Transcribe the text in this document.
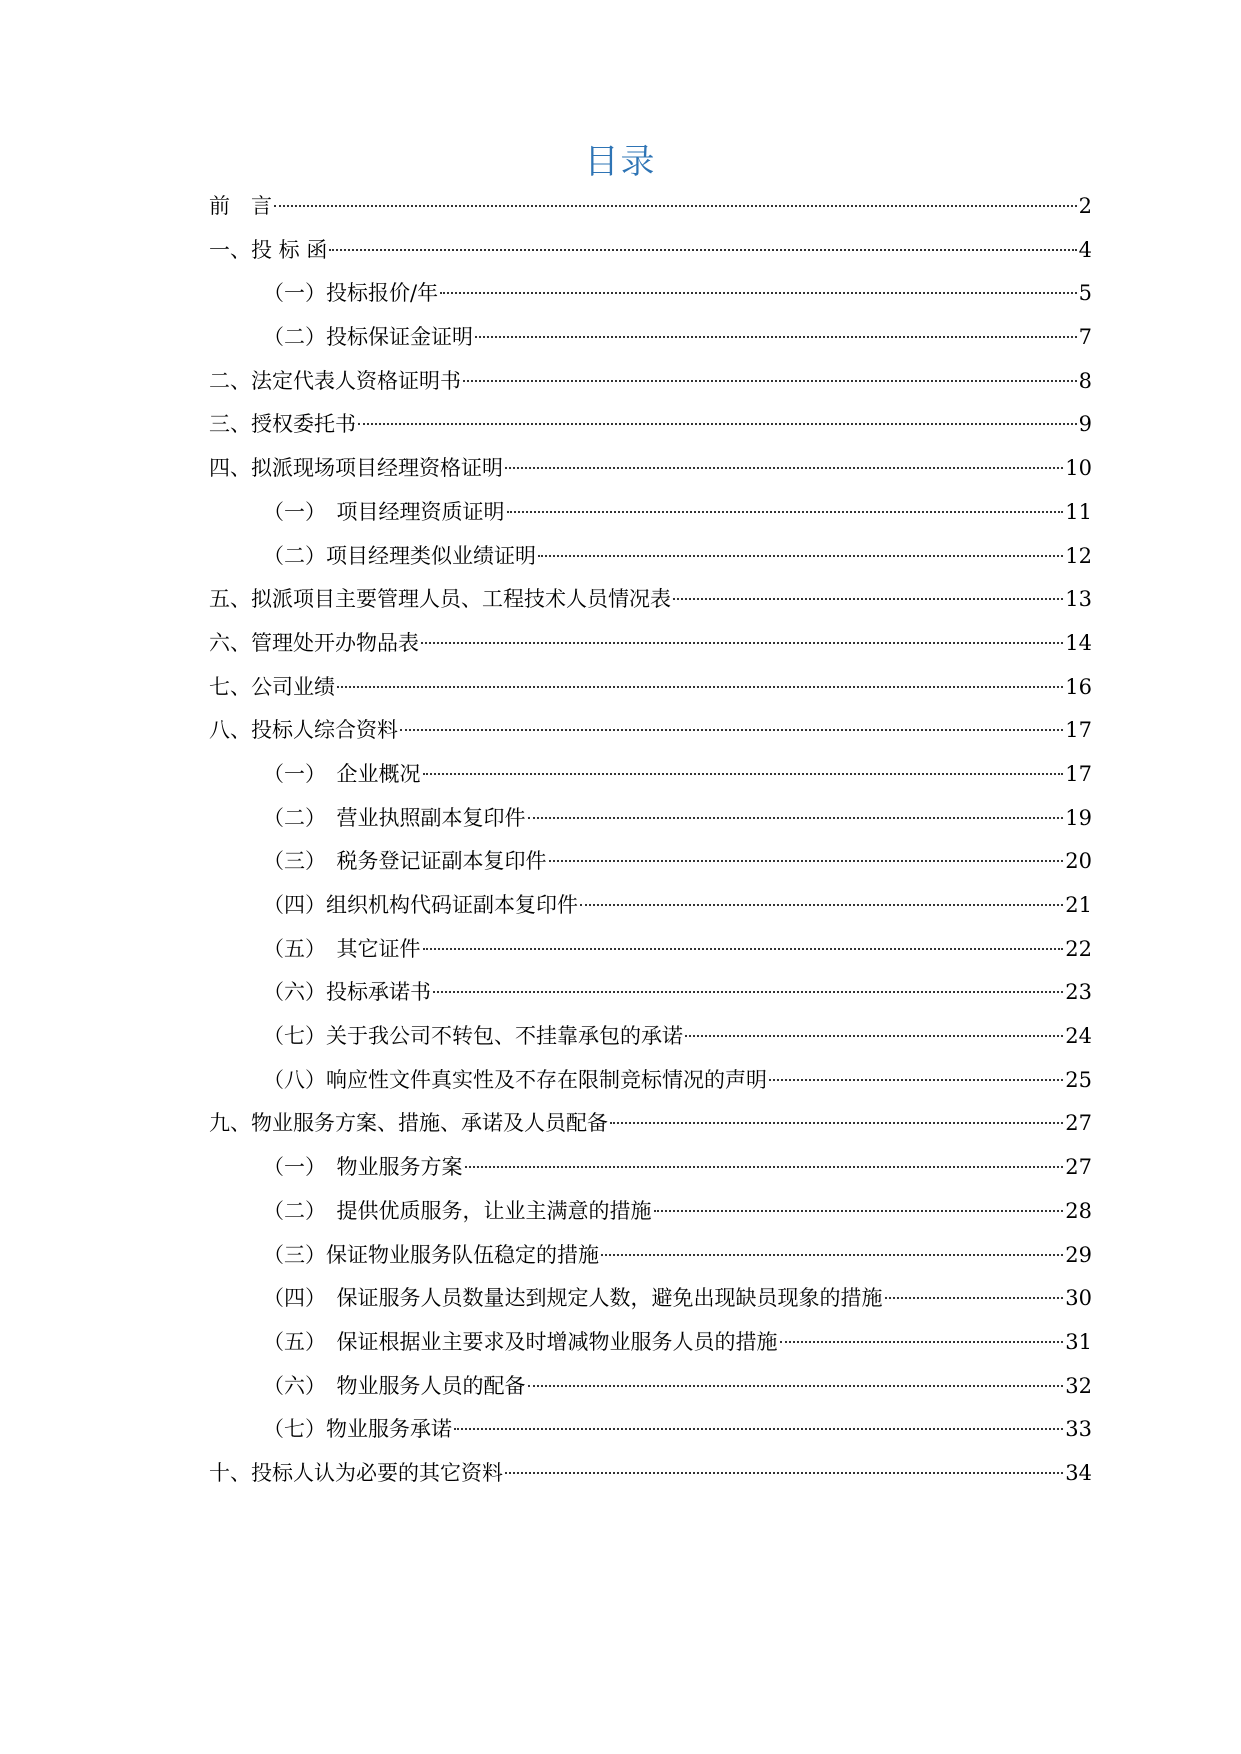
目录
前　言	2
一、投 标 函	4
（一）投标报价/年	5
（二）投标保证金证明	7
二、法定代表人资格证明书	8
三、授权委托书	9
四、拟派现场项目经理资格证明	10
（一）　项目经理资质证明	11
（二）项目经理类似业绩证明	12
五、拟派项目主要管理人员、工程技术人员情况表	13
六、管理处开办物品表	14
七、公司业绩	16
八、投标人综合资料	17
（一）　企业概况	17
（二）　营业执照副本复印件	19
（三）　税务登记证副本复印件	20
（四）组织机构代码证副本复印件	21
（五）　其它证件	22
（六）投标承诺书	23
（七）关于我公司不转包、不挂靠承包的承诺	24
（八）响应性文件真实性及不存在限制竞标情况的声明	25
九、物业服务方案、措施、承诺及人员配备	27
（一）　物业服务方案	27
（二）　提供优质服务，让业主满意的措施	28
（三）保证物业服务队伍稳定的措施	29
（四）　保证服务人员数量达到规定人数，避免出现缺员现象的措施	30
（五）　保证根据业主要求及时增减物业服务人员的措施	31
（六）　物业服务人员的配备	32
（七）物业服务承诺	33
十、投标人认为必要的其它资料	34
